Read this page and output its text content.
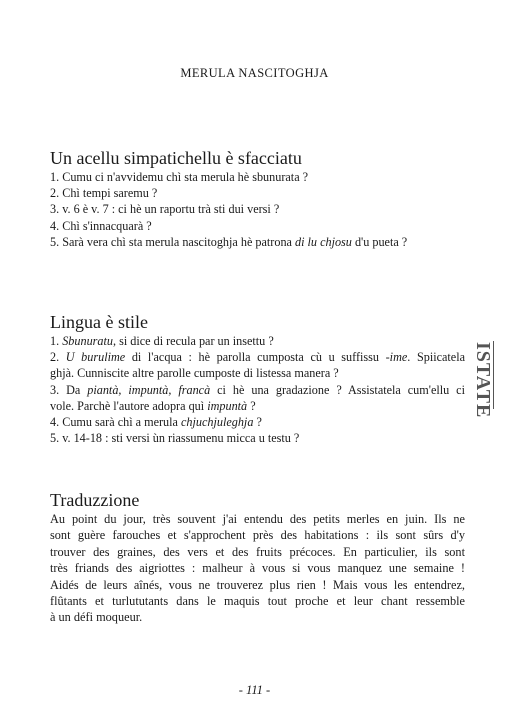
MERULA NASCITOGHJA
Un acellu simpatichellu è sfacciatu
1. Cumu ci n'avvidemu chì sta merula hè sbunurata ?
2. Chì tempi saremu ?
3. v. 6 è v. 7 : ci hè un raportu trà sti dui versi ?
4. Chì s'innacquarà ?
5. Sarà vera chì sta merula nascitoghja hè patrona di lu chjosu d'u pueta ?
Lingua è stile
1. Sbunuratu, si dice di recula par un insettu ?
2. U burulime di l'acqua : hè parolla cumposta cù u suffissu -ime. Spiicatela
ghjà. Cunniscite altre parolle cumposte di listessa manera ?
3. Da piantà, impuntà, francà ci hè una gradazione ? Assistatela cum'ellu ci
vole. Parchè l'autore adopra quì impuntà ?
4. Cumu sarà chì a merula chjuchjuleghja ?
5. v. 14-18 : sti versi ùn riassumenu micca u testu ?
Traduzzione
Au point du jour, très souvent j'ai entendu des petits merles en juin. Ils ne
sont guère farouches et s'approchent près des habitations : ils sont sûrs d'y
trouver des graines, des vers et des fruits précoces. En particulier, ils sont
très friands des aigriottes : malheur à vous si vous manquez une semaine !
Aidés de leurs aînés, vous ne trouverez plus rien ! Mais vous les entendrez,
flûtants et turlututants dans le maquis tout proche et leur chant ressemble
à un défi moqueur.
ISTATE
- 111 -
